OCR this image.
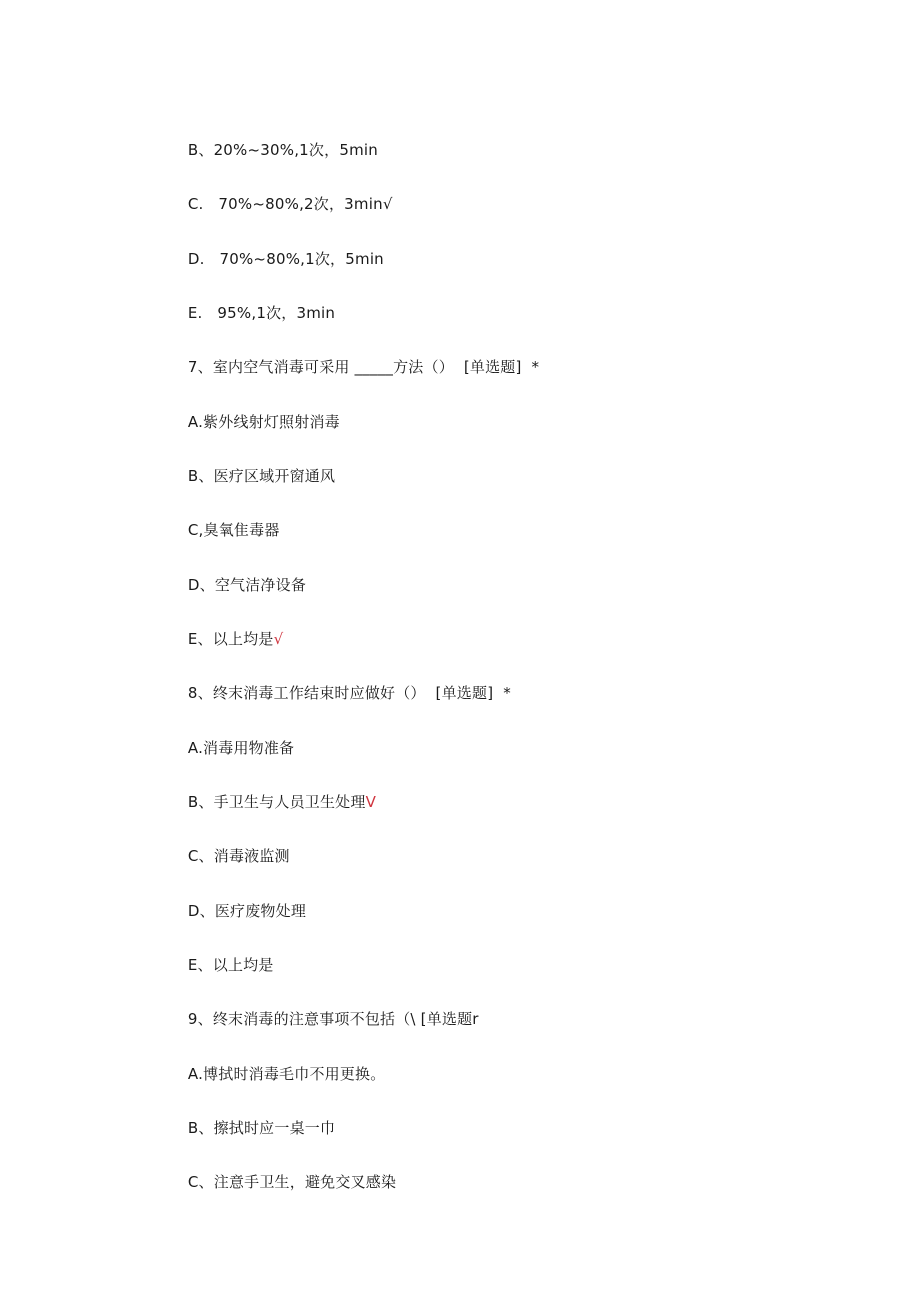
B、20%~30%,1次，5min

C.   70%~80%,2次，3min√

D.   70%~80%,1次，5min

E.   95%,1次，3min

7、室内空气消毒可采用 _____方法（）  [单选题]  *

A.紫外线射灯照射消毒

B、医疗区域开窗通风

C,臭氧隹毒器

D、空气洁净设备

E、以上均是√

8、终末消毒工作结束时应做好（）  [单选题]  *

A.消毒用物准备

B、手卫生与人员卫生处理V

C、消毒液监测

D、医疗废物处理

E、以上均是

9、终末消毒的注意事项不包括（\ [单选题r

A.博拭时消毒毛巾不用更换。

B、擦拭时应一桌一巾

C、注意手卫生，避免交叉感染
